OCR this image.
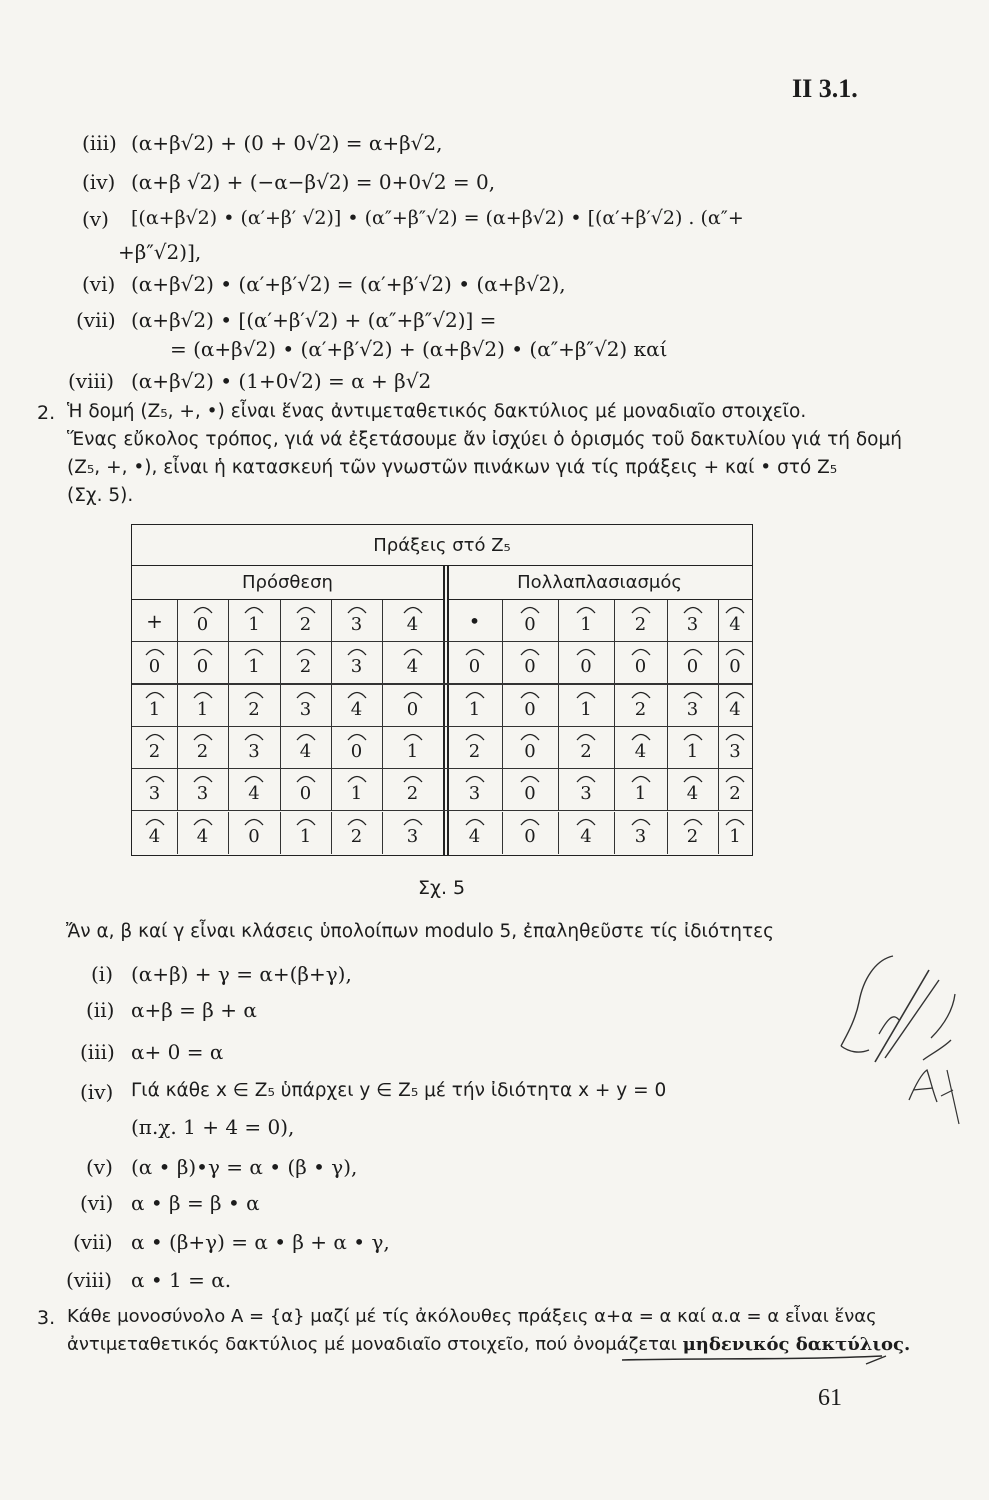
II 3.1.
(iii) (α+β√2) + (0 + 0√2) = α+β√2,
(iv) (α+β √2) + (−α−β√2) = 0+0√2 = 0,
(v) [(α+β√2) • (α′+β′ √2)] • (α″+β″√2) = (α+β√2) • [(α′+β′√2) . (α″+
+β″√2)],
(vi) (α+β√2) • (α′+β′√2) = (α′+β′√2) • (α+β√2),
(vii) (α+β√2) • [(α′+β′√2) + (α″+β″√2)] =
= (α+β√2) • (α′+β′√2) + (α+β√2) • (α″+β″√2) καί
(viii) (α+β√2) • (1+0√2) = α + β√2
2. Ἡ δομή (Z₅, +, •) εἶναι ἕνας ἀντιμεταθετικός δακτύλιος μέ μοναδιαῖο στοιχεῖο.
Ἕνας εὔκολος τρόπος, γιά νά ἐξετάσουμε ἄν ἰσχύει ὁ ὁρισμός τοῦ δακτυλίου γιά τή δομή
(Z₅, +, •), εἶναι ἡ κατασκευή τῶν γνωστῶν πινάκων γιά τίς πράξεις + καί • στό Z₅
(Σχ. 5).
Πράξεις στό Z₅
Πρόσθεση	Πολλαπλασιασμός
+	0	1	2	3	4	•	0	1	2	3	4
0	0	1	2	3	4	0	0	0	0	0	0
1	1	2	3	4	0	1	0	1	2	3	4
2	2	3	4	0	1	2	0	2	4	1	3
3	3	4	0	1	2	3	0	3	1	4	2
4	4	0	1	2	3	4	0	4	3	2	1
Σχ. 5
Ἄν α, β καί γ εἶναι κλάσεις ὑπολοίπων modulo 5, ἐπαληθεῦστε τίς ἰδιότητες
(i) (α+β) + γ = α+(β+γ),
(ii) α+β = β + α
(iii) α+ 0 = α
(iv) Γιά κάθε x ∈ Z₅ ὑπάρχει y ∈ Z₅ μέ τήν ἰδιότητα x + y = 0
(π.χ. 1 + 4 = 0),
(v) (α • β)•γ = α • (β • γ),
(vi) α • β = β • α
(vii) α • (β+γ) = α • β + α • γ,
(viii) α • 1 = α.
3. Κάθε μονοσύνολο A = {α} μαζί μέ τίς ἀκόλουθες πράξεις α+α = α καί α.α = α εἶναι ἕνας
ἀντιμεταθετικός δακτύλιος μέ μοναδιαῖο στοιχεῖο, πού ὀνομάζεται μηδενικός δακτύλιος.
61
